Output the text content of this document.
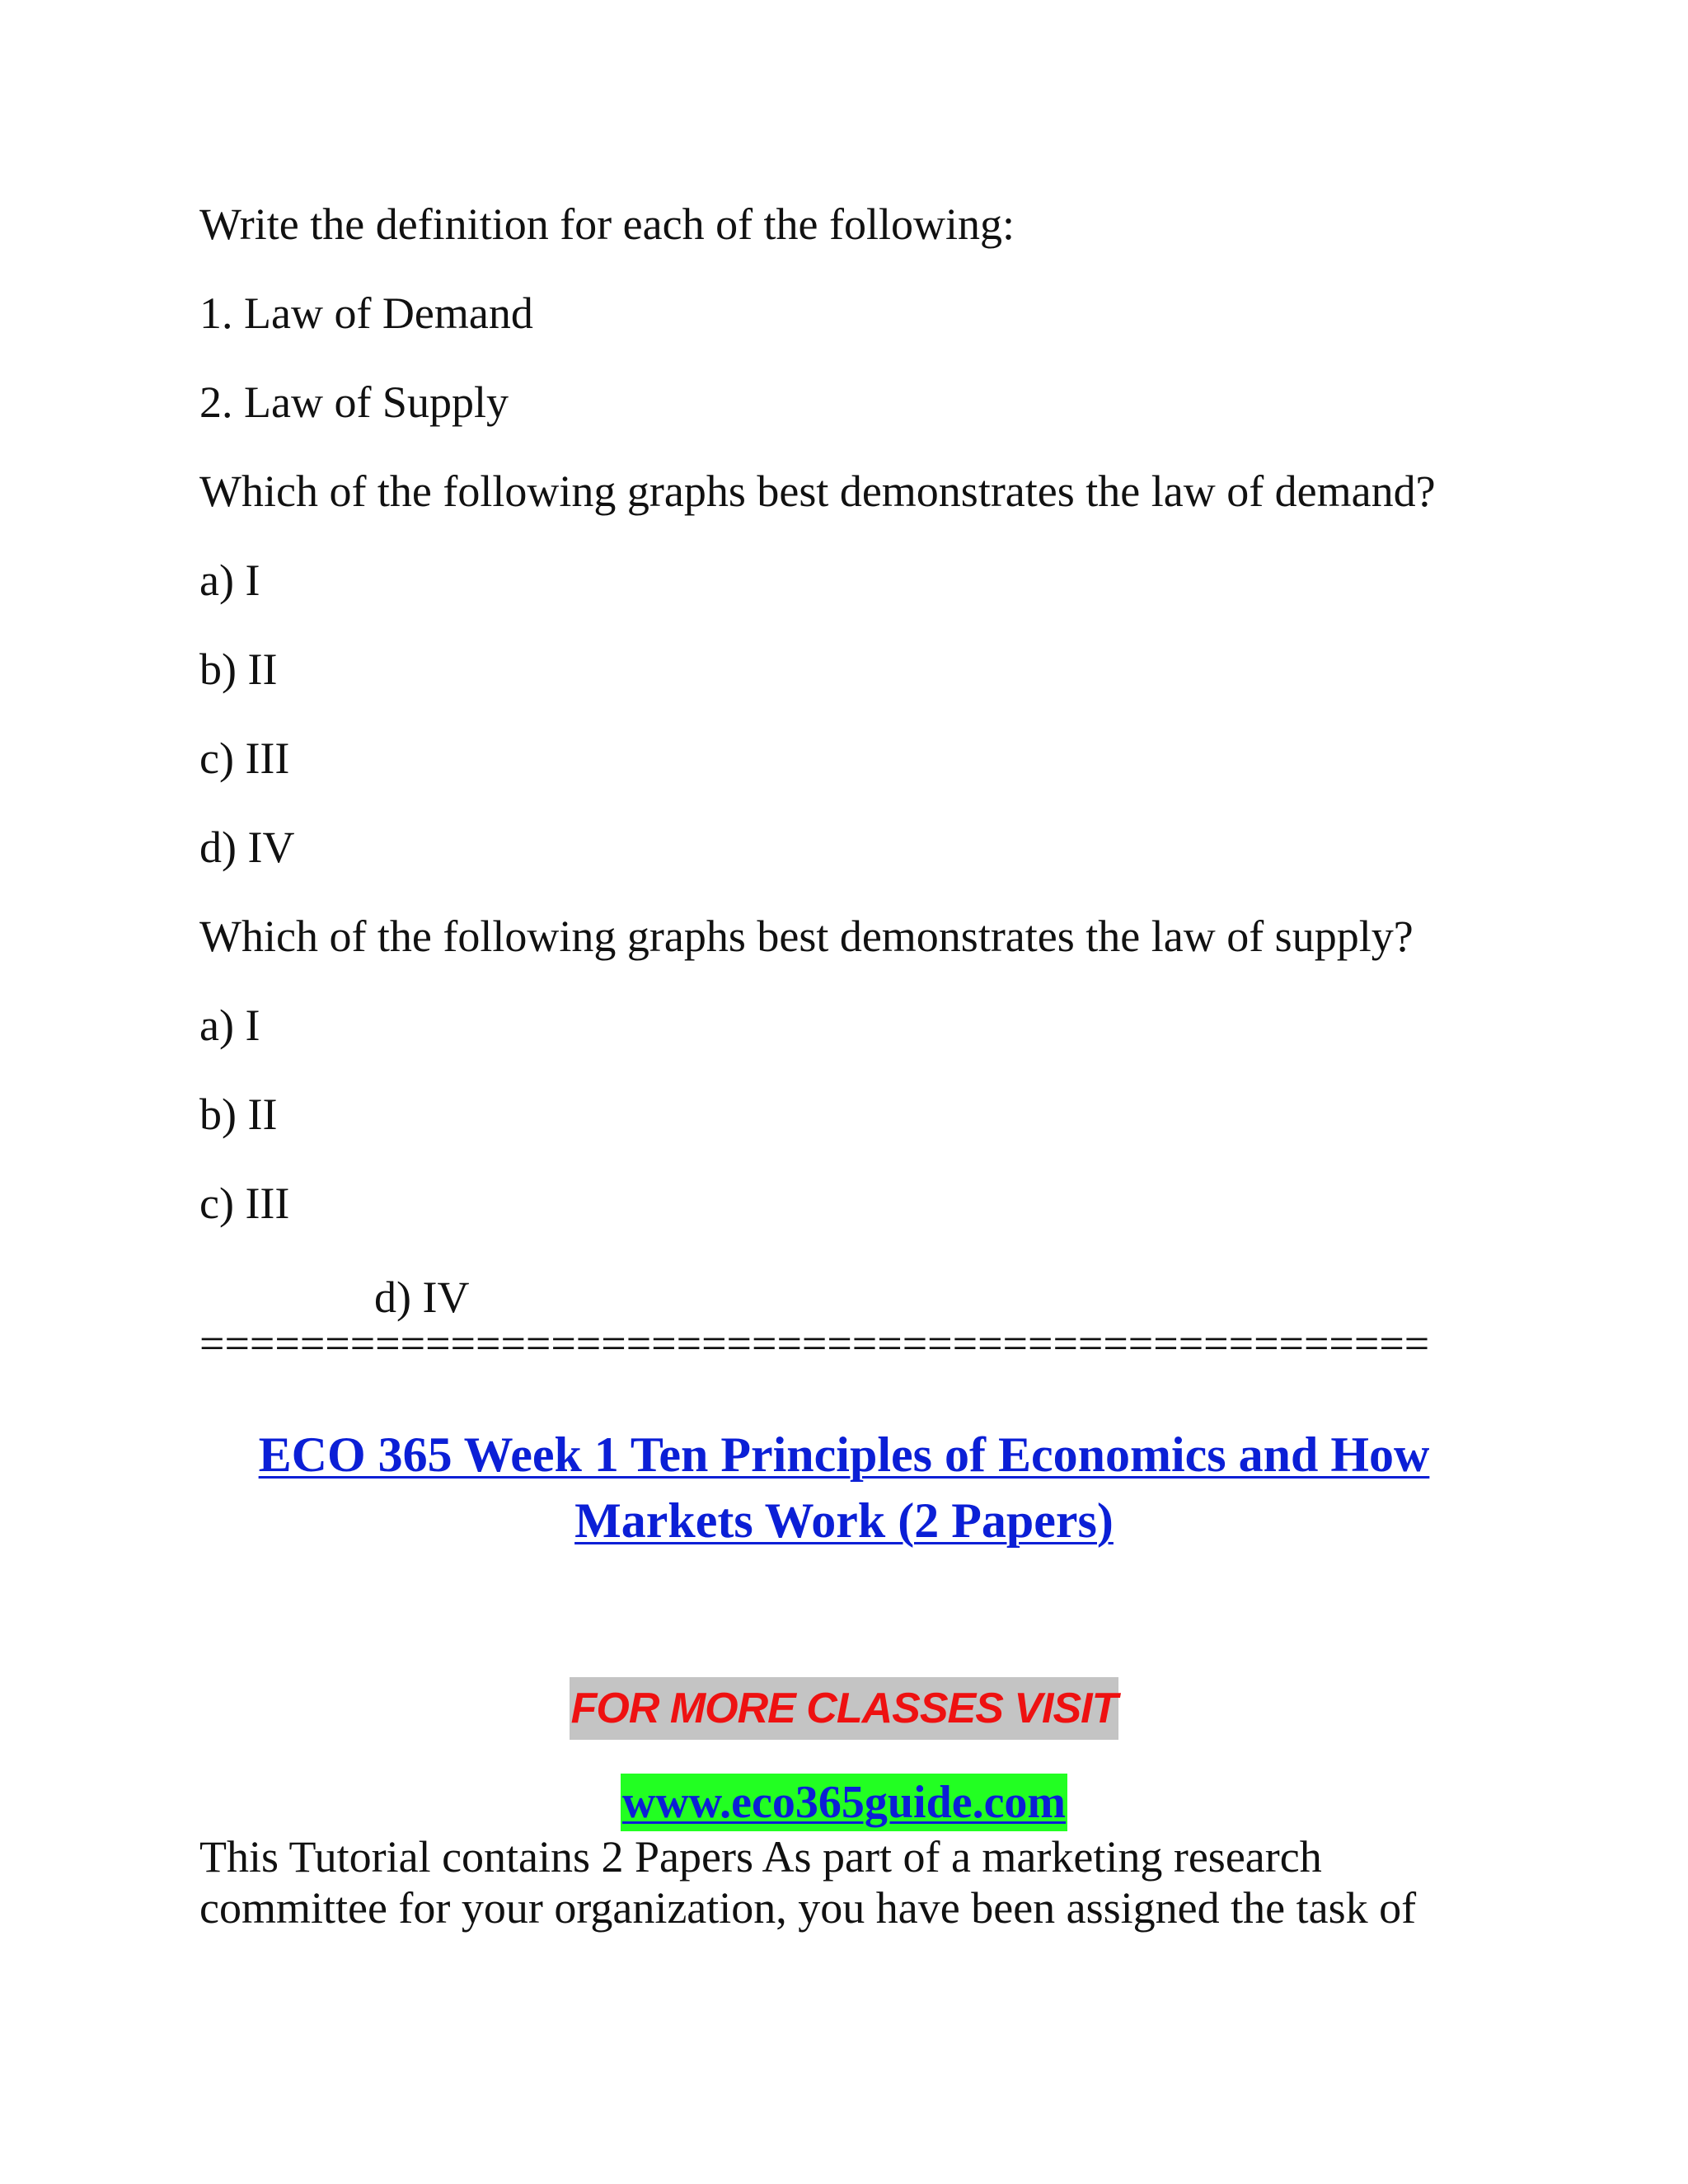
Write the definition for each of the following:

1. Law of Demand

2. Law of Supply

Which of the following graphs best demonstrates the law of demand?

a) I

b) II

c) III

d) IV

Which of the following graphs best demonstrates the law of supply?

a) I

b) II

c) III

d) IV

=================================================

ECO 365 Week 1 Ten Principles of Economics and How
Markets Work (2 Papers)
FOR MORE CLASSES VISIT
www.eco365guide.com

This Tutorial contains 2 Papers As part of a marketing research committee for your organization, you have been assigned the task of
